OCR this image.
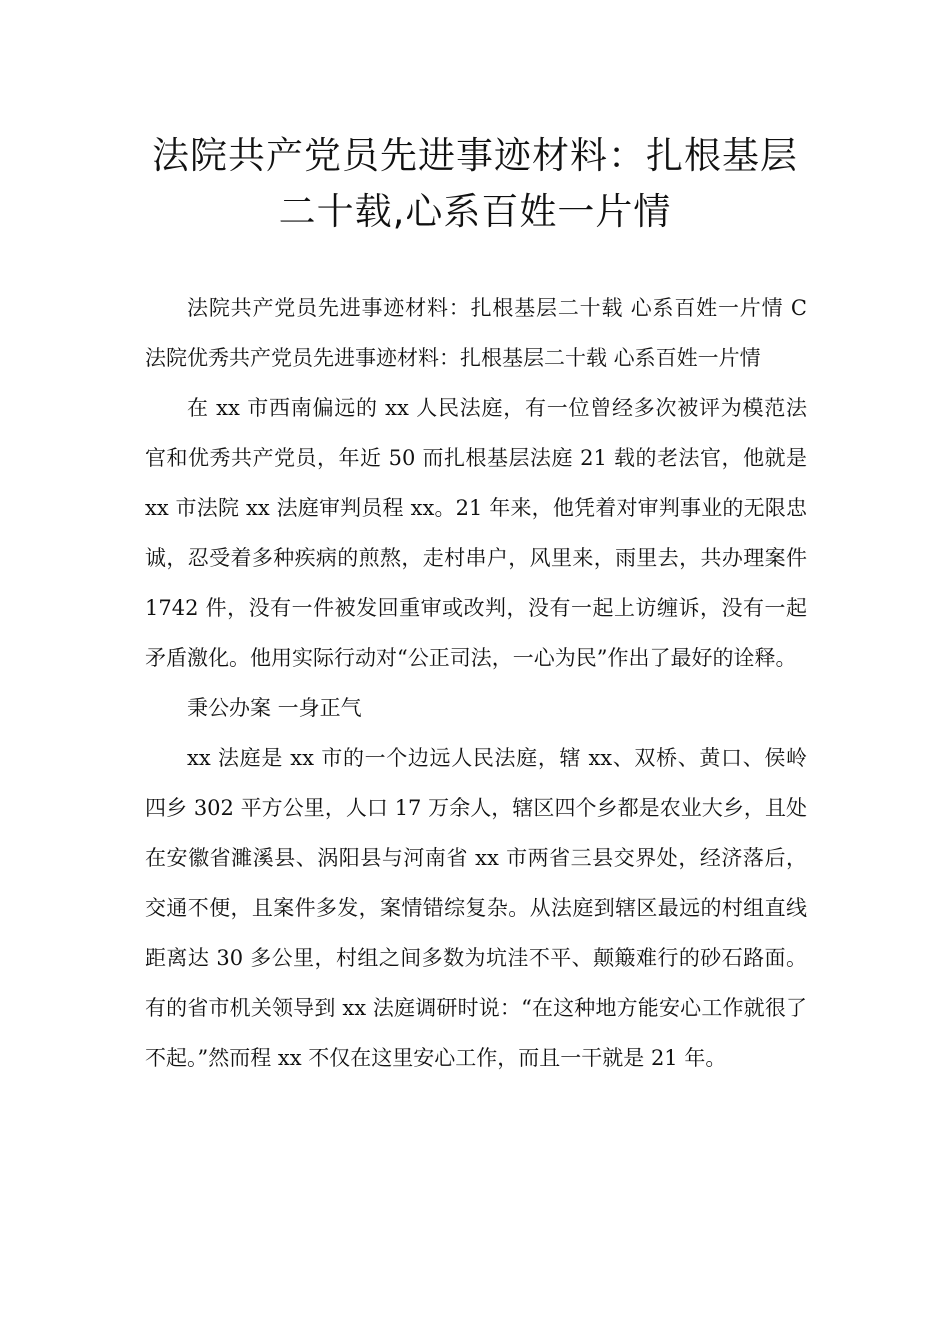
法院共产党员先进事迹材料：扎根基层
二十载,心系百姓一片情

法院共产党员先进事迹材料：扎根基层二十载 心系百姓一片情 C 法院优秀共产党员先进事迹材料：扎根基层二十载 心系百姓一片情

在 xx 市西南偏远的 xx 人民法庭，有一位曾经多次被评为模范法官和优秀共产党员，年近 50 而扎根基层法庭 21 载的老法官，他就是 xx 市法院 xx 法庭审判员程 xx。21 年来，他凭着对审判事业的无限忠诚，忍受着多种疾病的煎熬，走村串户，风里来，雨里去，共办理案件 1742 件，没有一件被发回重审或改判，没有一起上访缠诉，没有一起矛盾激化。他用实际行动对“公正司法，一心为民”作出了最好的诠释。

秉公办案 一身正气

xx 法庭是 xx 市的一个边远人民法庭，辖 xx、双桥、黄口、侯岭四乡 302 平方公里，人口 17 万余人，辖区四个乡都是农业大乡，且处在安徽省濉溪县、涡阳县与河南省 xx 市两省三县交界处，经济落后，交通不便，且案件多发，案情错综复杂。从法庭到辖区最远的村组直线距离达 30 多公里，村组之间多数为坑洼不平、颠簸难行的砂石路面。有的省市机关领导到 xx 法庭调研时说：“在这种地方能安心工作就很了不起。”然而程 xx 不仅在这里安心工作，而且一干就是 21 年。
